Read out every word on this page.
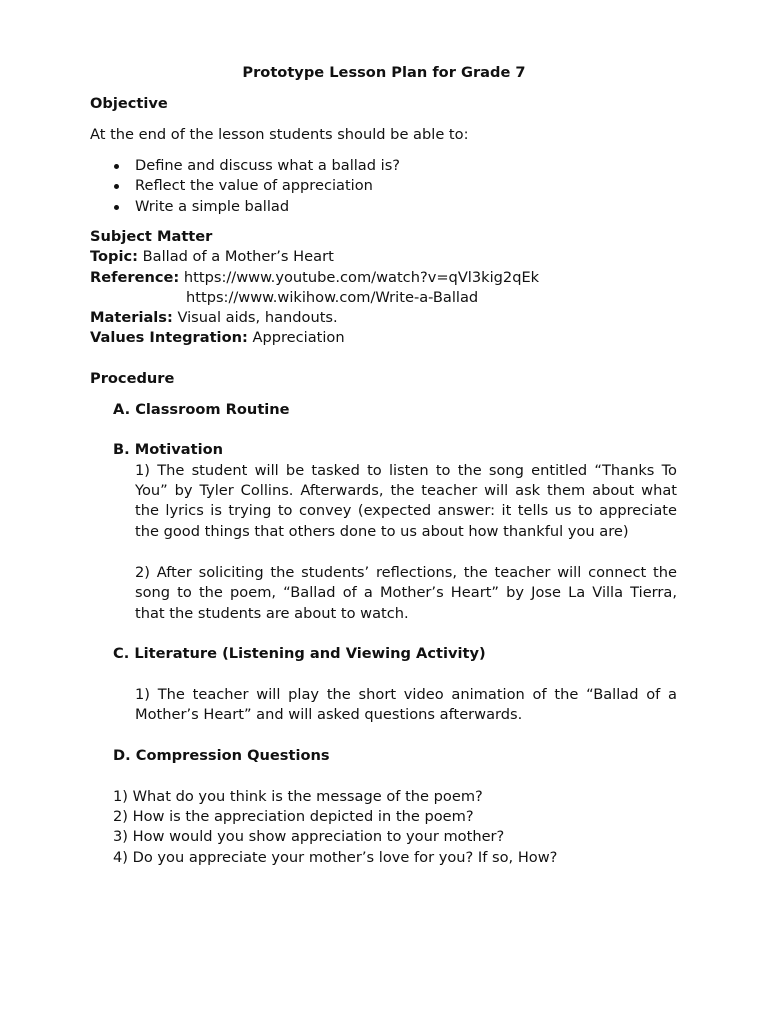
Prototype Lesson Plan for Grade 7
Objective
At the end of the lesson students should be able to:
Define and discuss what a ballad is?
Reflect the value of appreciation
Write a simple ballad
Subject Matter
Topic: Ballad of a Mother’s Heart
Reference: https://www.youtube.com/watch?v=qVl3kig2qEk
https://www.wikihow.com/Write-a-Ballad
Materials: Visual aids, handouts.
Values Integration: Appreciation
Procedure
A. Classroom Routine
B. Motivation
1) The student will be tasked to listen to the song entitled “Thanks To
You” by Tyler Collins. Afterwards, the teacher will ask them about what
the lyrics is trying to convey (expected answer: it tells us to appreciate
the good things that others done to us about how thankful you are)
2) After soliciting the students’ reflections, the teacher will connect the
song to the poem, “Ballad of a Mother’s Heart” by Jose La Villa Tierra,
that the students are about to watch.
C. Literature (Listening and Viewing Activity)
1) The teacher will play the short video animation of the “Ballad of a
Mother’s Heart” and will asked questions afterwards.
D. Compression Questions
1) What do you think is the message of the poem?
2) How is the appreciation depicted in the poem?
3) How would you show appreciation to your mother?
4) Do you appreciate your mother’s love for you? If so, How?
